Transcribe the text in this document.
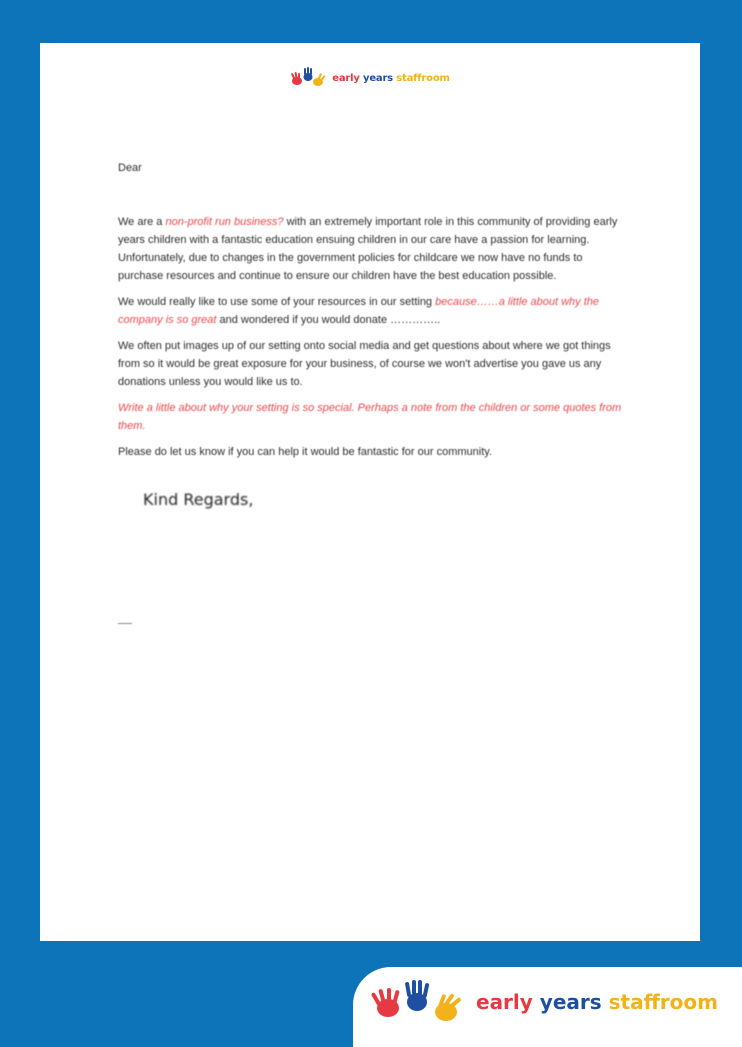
early years staffroom

Dear

We are a non-profit run business? with an extremely important role in this community of providing early years children with a fantastic education ensuing children in our care have a passion for learning. Unfortunately, due to changes in the government policies for childcare we now have no funds to purchase resources and continue to ensure our children have the best education possible.

We would really like to use some of your resources in our setting because……a little about why the company is so great and wondered if you would donate …………..

We often put images up of our setting onto social media and get questions about where we got things from so it would be great exposure for your business, of course we won't advertise you gave us any donations unless you would like us to.

Write a little about why your setting is so special. Perhaps a note from the children or some quotes from them.

Please do let us know if you can help it would be fantastic for our community.

Kind Regards,
early years staffroom
